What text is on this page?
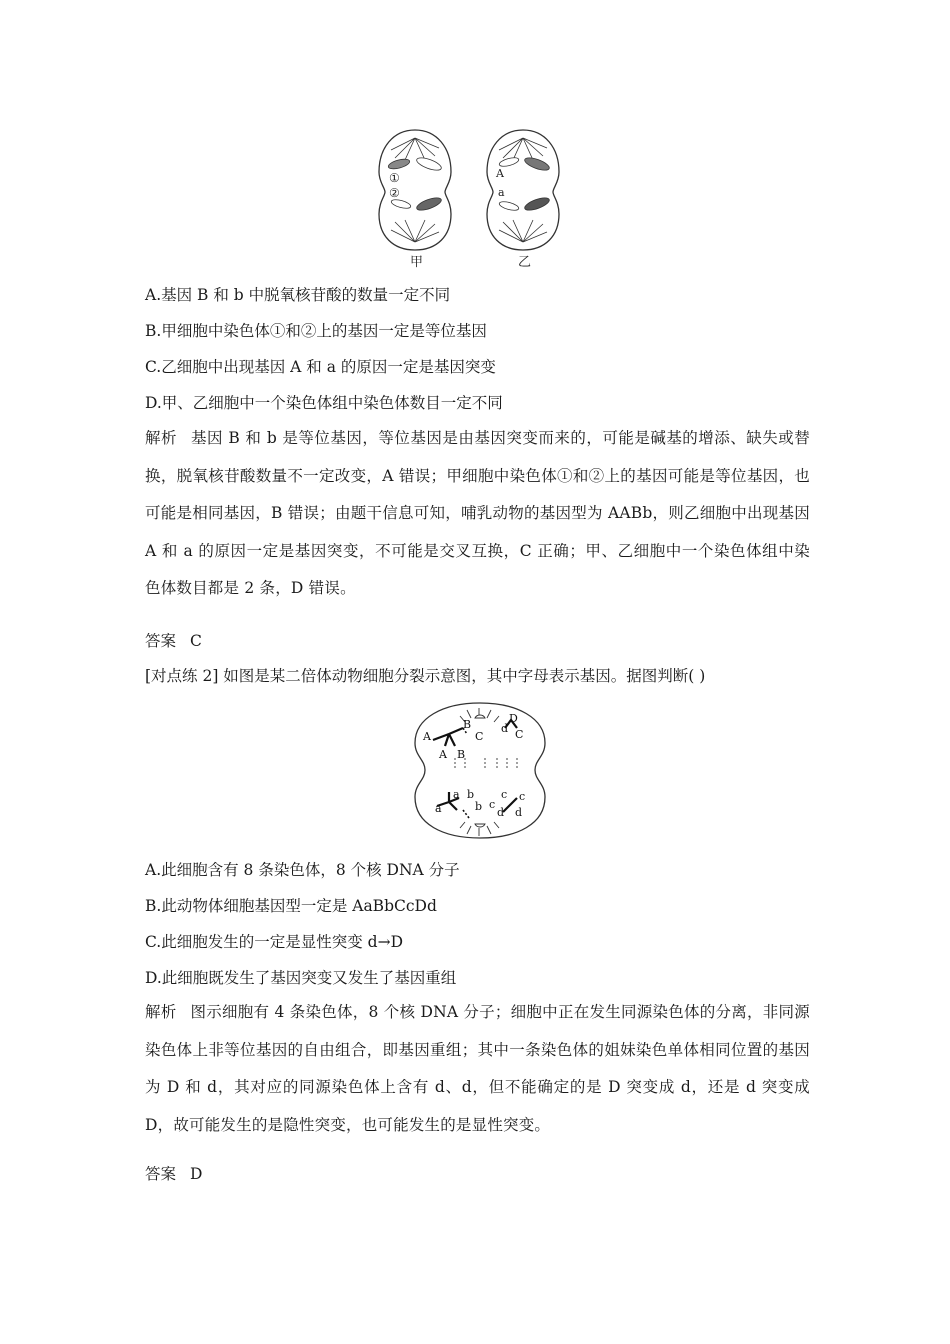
①
②
A
a
甲	乙
A.基因 B 和 b 中脱氧核苷酸的数量一定不同
B.甲细胞中染色体①和②上的基因一定是等位基因
C.乙细胞中出现基因 A 和 a 的原因一定是基因突变
D.甲、乙细胞中一个染色体组中染色体数目一定不同
解析 基因 B 和 b 是等位基因，等位基因是由基因突变而来的，可能是碱基的增添、缺失或替换，脱氧核苷酸数量不一定改变，A 错误；甲细胞中染色体①和②上的基因可能是等位基因，也可能是相同基因，B 错误；由题干信息可知，哺乳动物的基因型为 AABb，则乙细胞中出现基因 A 和 a 的原因一定是基因突变，不可能是交叉互换，C 正确；甲、乙细胞中一个染色体组中染色体数目都是 2 条，D 错误。
答案 C
[对点练 2] 如图是某二倍体动物细胞分裂示意图，其中字母表示基因。据图判断( )
A
B
A B
C
D
d C
a b
a	b c
c c
d d
A.此细胞含有 8 条染色体，8 个核 DNA 分子
B.此动物体细胞基因型一定是 AaBbCcDd
C.此细胞发生的一定是显性突变 d→D
D.此细胞既发生了基因突变又发生了基因重组
解析 图示细胞有 4 条染色体，8 个核 DNA 分子；细胞中正在发生同源染色体的分离，非同源染色体上非等位基因的自由组合，即基因重组；其中一条染色体的姐妹染色单体相同位置的基因为 D 和 d，其对应的同源染色体上含有 d、d，但不能确定的是 D 突变成 d，还是 d 突变成 D，故可能发生的是隐性突变，也可能发生的是显性突变。
答案 D
